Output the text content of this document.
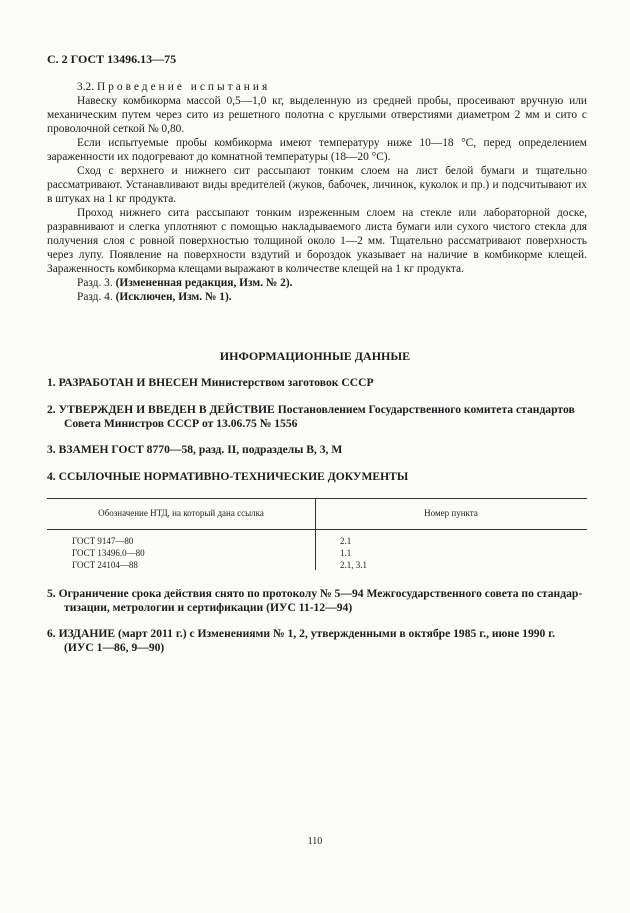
С. 2 ГОСТ 13496.13—75

3.2. Проведение испытания

Навеску комбикорма массой 0,5—1,0 кг, выделенную из средней пробы, просеивают вручную или механическим путем через сито из решетного полотна с круглыми отверстиями диаметром 2 мм и сито с проволочной сеткой № 0,80.

Если испытуемые пробы комбикорма имеют температуру ниже 10—18 °С, перед определением зараженности их подогревают до комнатной температуры (18—20 °С).

Сход с верхнего и нижнего сит рассыпают тонким слоем на лист белой бумаги и тщательно рассматривают. Устанавливают виды вредителей (жуков, бабочек, личинок, куколок и пр.) и подсчитывают их в штуках на 1 кг продукта.

Проход нижнего сита рассыпают тонким изреженным слоем на стекле или лабораторной доске, разравнивают и слегка уплотняют с помощью накладываемого листа бумаги или сухого чистого стекла для получения слоя с ровной поверхностью толщиной около 1—2 мм. Тщательно рассматривают поверхность через лупу. Появление на поверхности вздутий и бороздок указывает на наличие в комбикорме клещей. Зараженность комбикорма клещами выражают в количестве клещей на 1 кг продукта.

Разд. 3. (Измененная редакция, Изм. № 2).

Разд. 4. (Исключен, Изм. № 1).

ИНФОРМАЦИОННЫЕ ДАННЫЕ
1. РАЗРАБОТАН И ВНЕСЕН Министерством заготовок СССР
2. УТВЕРЖДЕН И ВВЕДЕН В ДЕЙСТВИЕ Постановлением Государственного комитета стандартов
Совета Министров СССР от 13.06.75 № 1556
3. ВЗАМЕН ГОСТ 8770—58, разд. II, подразделы В, 3, М
4. ССЫЛОЧНЫЕ НОРМАТИВНО-ТЕХНИЧЕСКИЕ ДОКУМЕНТЫ
Обозначение НТД, на который дана ссылка	Номер пункта
ГОСТ 9147—80	2.1
ГОСТ 13496.0—80	1.1
ГОСТ 24104—88	2.1, 3.1
5. Ограничение срока действия снято по протоколу № 5—94 Межгосударственного совета по стандар-
тизации, метрологии и сертификации (ИУС 11-12—94)
6. ИЗДАНИЕ (март 2011 г.) с Изменениями № 1, 2, утвержденными в октябре 1985 г., июне 1990 г.
(ИУС 1—86, 9—90)
110
